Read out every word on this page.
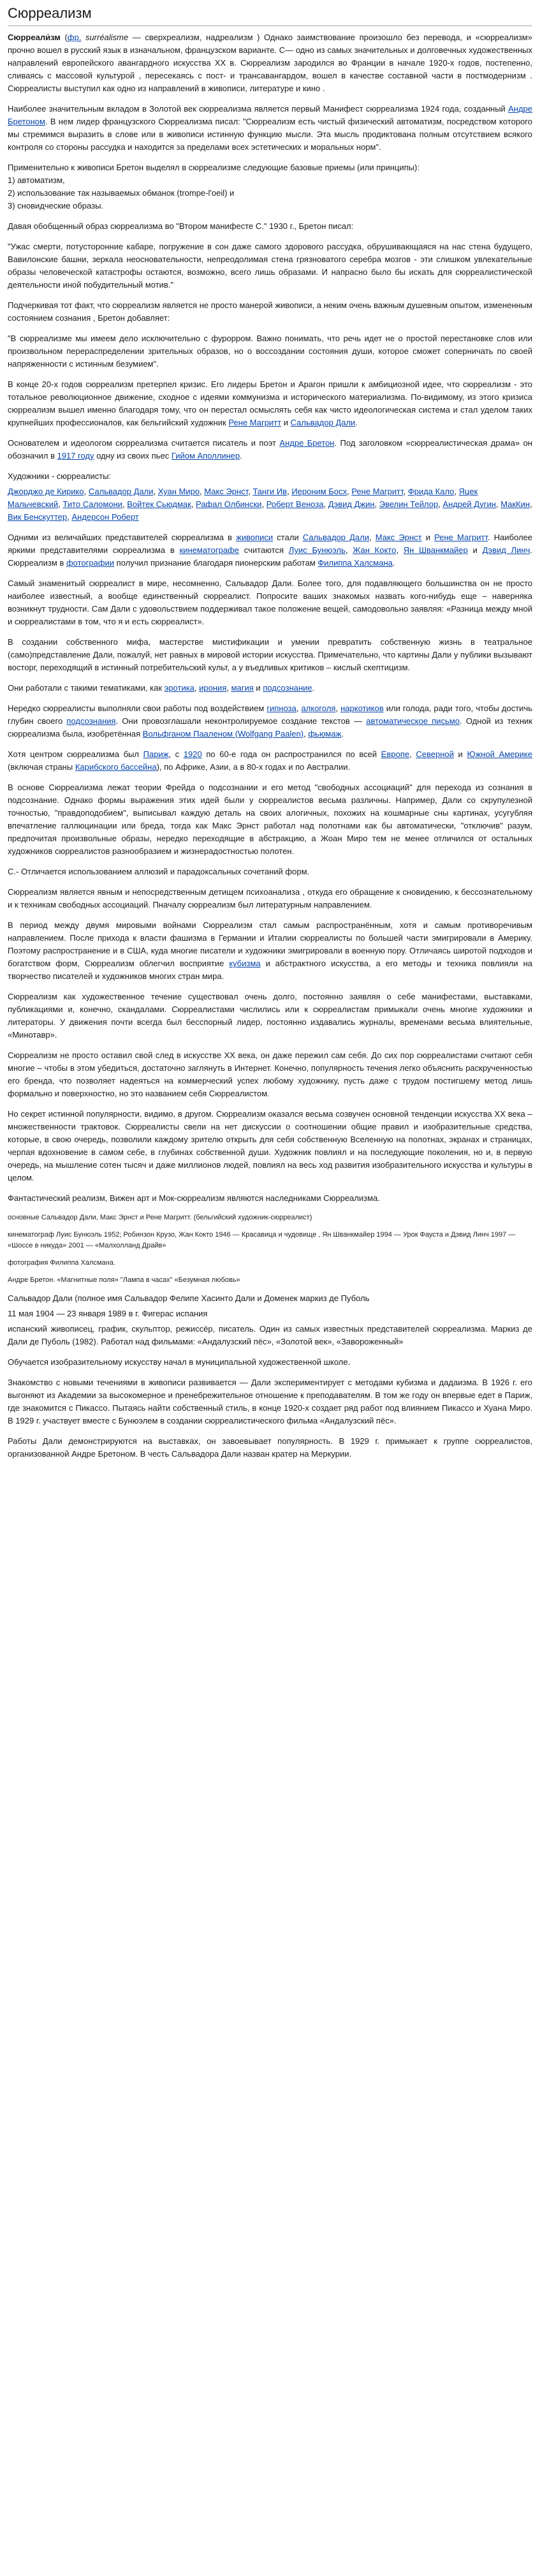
Сюрреализм

Сюрреали́зм (фр. surréalisme — сверхреализм, надреализм ) Однако заимствование произошло без перевода, и «сюрреализм» прочно вошел в русский язык в изначальном, французском варианте. С— одно из самых значительных и долговечных художественных направлений европейского авангардного искусства XX в. Сюрреализм зародился во Франции в начале 1920-х годов, постепенно, сливаясь с массовой культурой , пересекаясь с пост- и трансавангардом, вошел в качестве составной части в постмодернизм . Сюрреалисты выступил как одно из направлений в живописи, литературе и кино .

Наиболее значительным вкладом в Золотой век сюрреализма является первый Манифест сюрреализма 1924 года, созданный Андре Бретоном. В нем лидер французского Сюрреализма писал: "Сюрреализм есть чистый физический автоматизм, посредством которого мы стремимся выразить в слове или в живописи истинную функцию мысли. Эта мысль продиктована полным отсутствием всякого контроля со стороны рассудка и находится за пределами всех эстетических и моральных норм".

Применительно к живописи Бретон выделял в сюрреализме следующие базовые приемы (или принципы):

1) автоматизм,
2) использование так называемых обманок (trompe-l'oeil) и
3) сновидческие образы.

Давая обобщенный образ сюрреализма во "Втором манифесте С." 1930 г., Бретон писал:

"Ужас смерти, потусторонние кабаре, погружение в сон даже самого здорового рассудка, обрушивающаяся на нас стена будущего, Вавилонские башни, зеркала неосновательности, непреодолимая стена грязноватого серебра мозгов - эти слишком увлекательные образы человеческой катастрофы остаются, возможно, всего лишь образами. И напрасно было бы искать для сюрреалистической деятельности иной побудительный мотив."

Подчеркивая тот факт, что сюрреализм является не просто манерой живописи, а неким очень важным душевным опытом, измененным состоянием сознания , Бретон добавляет:

"В сюрреализме мы имеем дело исключительно с фурорром. Важно понимать, что речь идет не о простой перестановке слов или произвольном перераспределении зрительных образов, но о воссоздании состояния души, которое сможет соперничать по своей напряженности с истинным безумием".

В конце 20-х годов сюрреализм претерпел кризис. Его лидеры Бретон и Арагон пришли к амбициозной идее, что сюрреализм - это тотальное революционное движение, сходное с идеями коммунизма и исторического материализма. По-видимому, из этого кризиса сюрреализм вышел именно благодаря тому, что он перестал осмыслять себя как чисто идеологическая система и стал уделом таких крупнейших профессионалов, как бельгийский художник Рене Магритт и Сальвадор Дали.

Основателем и идеологом сюрреализма считается писатель и поэт Андре Бретон. Под заголовком «сюрреалистическая драма» он обозначил в 1917 году одну из своих пьес Гийом Аполлинер.

Художники - сюрреалисты:

Джорджо де Кирико, Сальвадор Дали, Хуан Миро, Макс Эрнст, Танги Ив, Иероним Босх, Рене Магритт, Фрида Кало, Яцек Мальчевский, Тито Саломони, Войтек Сьюдмак, Рафал Олбински, Роберт Венозa, Дэвид Джин, Эвелин Тейлор, Андрей Дугин, МакКин, Вик Бенскуттер, Андерсон Роберт

Одними из величайших представителей сюрреализма в живописи стали Сальвадор Дали, Макс Эрнст и Рене Магритт. Наиболее яркими представителями сюрреализма в кинематографе считаются Луис Бунюэль, Жан Кокто, Ян Шванкмайер и Дэвид Линч. Сюрреализм в фотографии получил признание благодаря пионерским работам Филиппа Халсмана.

Самый знаменитый сюрреалист в мире, несомненно, Сальвадор Дали. Более того, для подавляющего большинства он не просто наиболее известный, а вообще единственный сюрреалист. Попросите ваших знакомых назвать кого-нибудь еще – наверняка возникнут трудности. Сам Дали с удовольствием поддерживал такое положение вещей, самодовольно заявляя: «Разница между мной и сюрреалистами в том, что я и есть сюрреалист».

В создании собственного мифа, мастерстве мистификации и умении превратить собственную жизнь в театральное (само)представление Дали, пожалуй, нет равных в мировой истории искусства. Примечательно, что картины Дали у публики вызывают восторг, переходящий в истинный потребительский культ, а у въедливых критиков – кислый скептицизм.

Они работали с такими тематиками, как эротика, ирония, магия и подсознание.

Нередко сюрреалисты выполняли свои работы под воздействием гипноза, алкоголя, наркотиков или голода, ради того, чтобы достичь глубин своего подсознания. Они провозглашали неконтролируемое создание текстов — автоматическое письмо. Одной из техник сюрреализма была, изобретённая Вольфганом Пааленом (Wolfgang Paalen), фьюмаж.

Хотя центром сюрреализма был Париж, с 1920 по 60-е года он распространился по всей Европе, Северной и Южной Америке (включая страны Карибского бассейна), по Африке, Азии, а в 80-х годах и по Австралии.

В основе Сюрреализма лежат теории Фрейда о подсознании и его метод "свободных ассоциаций" для перехода из сознания в подсознание. Однако формы выражения этих идей были у сюрреалистов весьма различны. Например, Дали со скрупулезной точностью, "правдоподобием", выписывал каждую деталь на своих алогичных, похожих на кошмарные сны картинах, усугубляя впечатление галлюцинации или бреда, тогда как Макс Эрнст работал над полотнами как бы автоматически, "отключив" разум, предпочитая произвольные образы, нередко переходящие в абстракцию, а Жоан Миро тем не менее отличился от остальных художников сюрреалистов разнообразием и жизнерадостностью полотен.

С.- Отличается использованием аллюзий и парадоксальных сочетаний форм.

Сюрреализм является явным и непосредственным детищем психоанализа , откуда его обращение к сновидению, к бессознательному и к техникам свободных ассоциаций. Пначалу сюрреализм был литературным направлением.

В период между двумя мировыми войнами Сюрреализм стал самым распространённым, хотя и самым противоречивым направлением. После прихода к власти фашизма в Германии и Италии сюрреалисты по большей части эмигрировали в Америку. Поэтому распространение и в США, куда многие писатели и художники эмигрировали в военную пору. Отличаясь широтой подходов и богатством форм, Сюрреализм облегчил восприятие кубизма и абстрактного искусства, а его методы и техника повлияли на творчество писателей и художников многих стран мира.

Сюрреализм как художественное течение существовал очень долго, постоянно заявляя о себе манифестами, выставками, публикациями и, конечно, скандалами. Сюрреалистами числились или к сюрреалистам примыкали очень многие художники и литераторы. У движения почти всегда был бесспорный лидер, постоянно издавались журналы, временами весьма влиятельные, «Минотавр».

Сюрреализм не просто оставил свой след в искусстве XX века, он даже пережил сам себя. До сих пор сюрреалистами считают себя многие – чтобы в этом убедиться, достаточно заглянуть в Интернет. Конечно, популярность течения легко объяснить раскрученностью его бренда, что позволяет надеяться на коммерческий успех любому художнику, пусть даже с трудом постигшему метод лишь формально и поверхностно, но это названием себя Сюрреалистом.

Но секрет истинной популярности, видимо, в другом. Сюрреализм оказался весьма созвучен основной тенденции искусства XX века – множественности трактовок. Сюрреалисты свели на нет дискуссии о соотношении общие правил и изобразительные средства, которые, в свою очередь, позволили каждому зрителю открыть для себя собственную Вселенную на полотнах, экранах и страницах, черпая вдохновение в самом себе, в глубинах собственной души. Художник повлиял и на последующие поколения, но и, в первую очередь, на мышление сотен тысяч и даже миллионов людей, повлиял на весь ход развития изобразительного искусства и культуры в целом.

Фантастический реализм, Вижен арт и Мок-сюрреализм являются наследниками Сюрреализма.

основные Сальвадор Дали, Макс Эрнст и Рене Магритт. (бельгийский художник-сюрреалист)

кинематограф Луис Бунюэль 1952; Робинзон Крузо, Жан Кокто 1946 — Красавица и чудовище , Ян Шванкмайер 1994 — Урок Фауста и Дэвид Линч 1997 — «Шоссе в никуда» 2001 — «Малхолланд Драйв»

фотография Филиппа Халсмана.

Андре Бретон. «Магнитные поля» "Лампа в часах" «Безумная любовь»

Сальвадор Дали (полное имя Сальвадор Фелипе Хасинто Дали и Доменек маркиз де Пуболь

11 мая 1904 — 23 января 1989 в г. Фигерас испания

испанский живописец, график, скульптор, режиссёр, писатель. Один из самых известных представителей сюрреализма. Маркиз де Дали де Пуболь (1982). Работал над фильмами: «Андалузский пёс», «Золотой век», «Завороженный»

Обучается изобразительному искусству начал в муниципальной художественной школе.

Знакомство с новыми течениями в живописи развивается — Дали экспериментирует с методами кубизма и дадаизма. В 1926 г. его выгоняют из Академии за высокомерное и пренебрежительное отношение к преподавателям. В том же году он впервые едет в Париж, где знакомится с Пикассо. Пытаясь найти собственный стиль, в конце 1920-х создает ряд работ под влиянием Пикассо и Хуана Миро. В 1929 г. участвует вместе с Бунюэлем в создании сюрреалистического фильма «Андалузский пёс».

Работы Дали демонстрируются на выставках, он завоевывает популярность. В 1929 г. примыкает к группе сюрреалистов, организованной Андре Бретоном. В честь Сальвадора Дали назван кратер на Меркурии.
